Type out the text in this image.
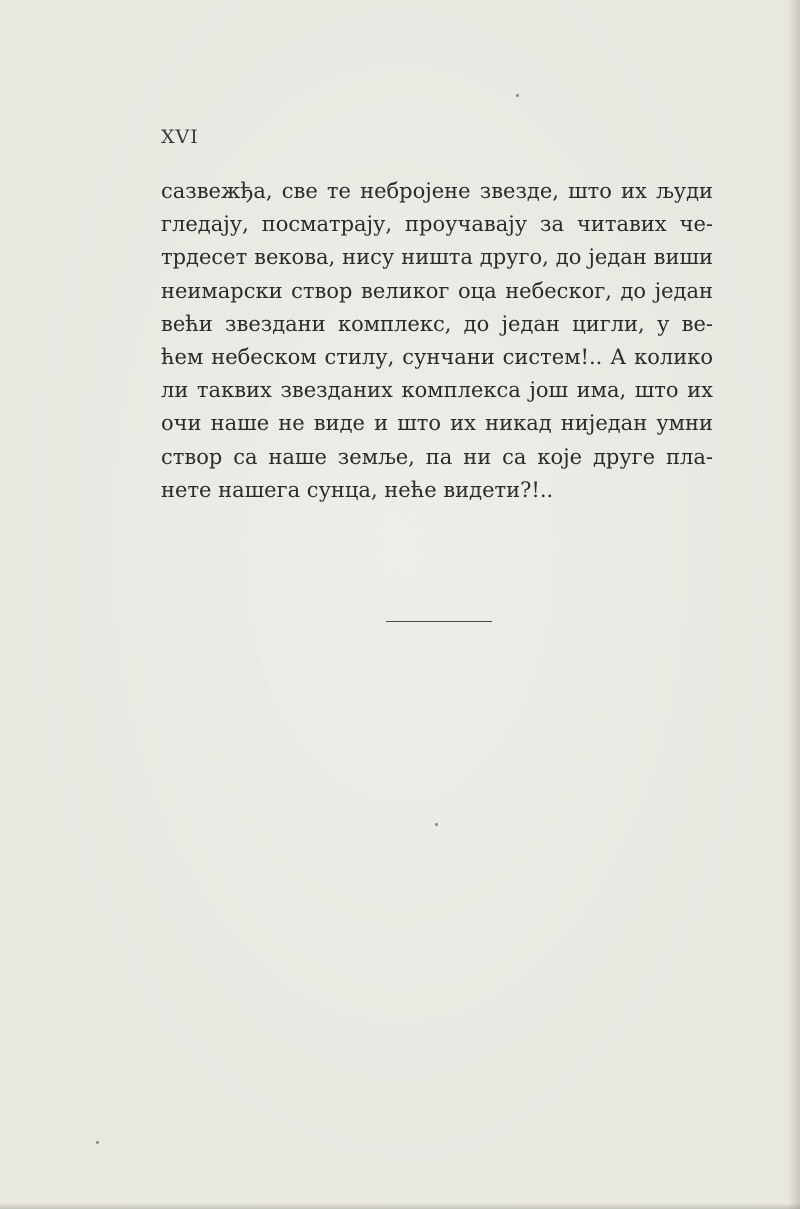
XVI
сазвежђа, све те небројене звезде, што их људи
гледају, посматрају, проучавају за читавих че-
трдесет векова, нису ништа друго, до један виши
неимарски створ великог оца небеског, до један
већи звездани комплекс, до један цигли, у ве-
ћем небеском стилу, сунчани систем!.. А колико
ли таквих звезданих комплекса још има, што их
очи наше не виде и што их никад ниједан умни
створ са наше земље, па ни са које друге пла-
нете нашега сунца, неће видети?!..
